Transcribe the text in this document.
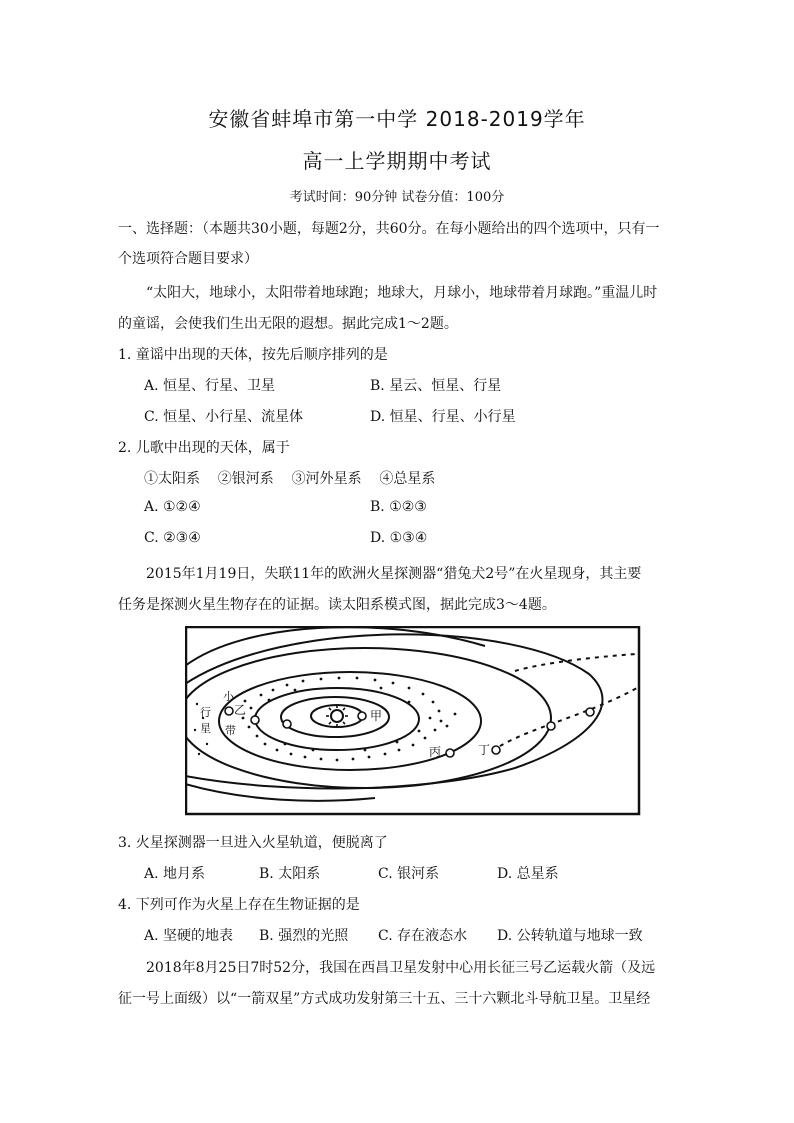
安徽省蚌埠市第一中学 2018-2019学年
高一上学期期中考试
考试时间：90分钟 试卷分值：100分
一、选择题：（本题共30小题，每题2分，共60分。在每小题给出的四个选项中，只有一
个选项符合题目要求）
“太阳大，地球小，太阳带着地球跑；地球大，月球小，地球带着月球跑。”重温儿时
的童谣，会使我们生出无限的遐想。据此完成1～2题。
1. 童谣中出现的天体，按先后顺序排列的是
A. 恒星、行星、卫星	B. 星云、恒星、行星
C. 恒星、小行星、流星体	D. 恒星、行星、小行星
2. 儿歌中出现的天体，属于
①太阳系    ②银河系    ③河外星系    ④总星系
A. ①②④	B. ①②③
C. ②③④	D. ①③④
2015年1月19日，失联11年的欧洲火星探测器“猎兔犬2号”在火星现身，其主要
任务是探测火星生物存在的证据。读太阳系模式图，据此完成3～4题。
甲
乙
丙	丁
小
行
星 带
3. 火星探测器一旦进入火星轨道，便脱离了
A. 地月系	B. 太阳系	C. 银河系	D. 总星系
4. 下列可作为火星上存在生物证据的是
A. 坚硬的地表 B. 强烈的光照 C. 存在液态水 D. 公转轨道与地球一致
2018年8月25日7时52分，我国在西昌卫星发射中心用长征三号乙运载火箭（及远
征一号上面级）以“一箭双星”方式成功发射第三十五、三十六颗北斗导航卫星。卫星经
